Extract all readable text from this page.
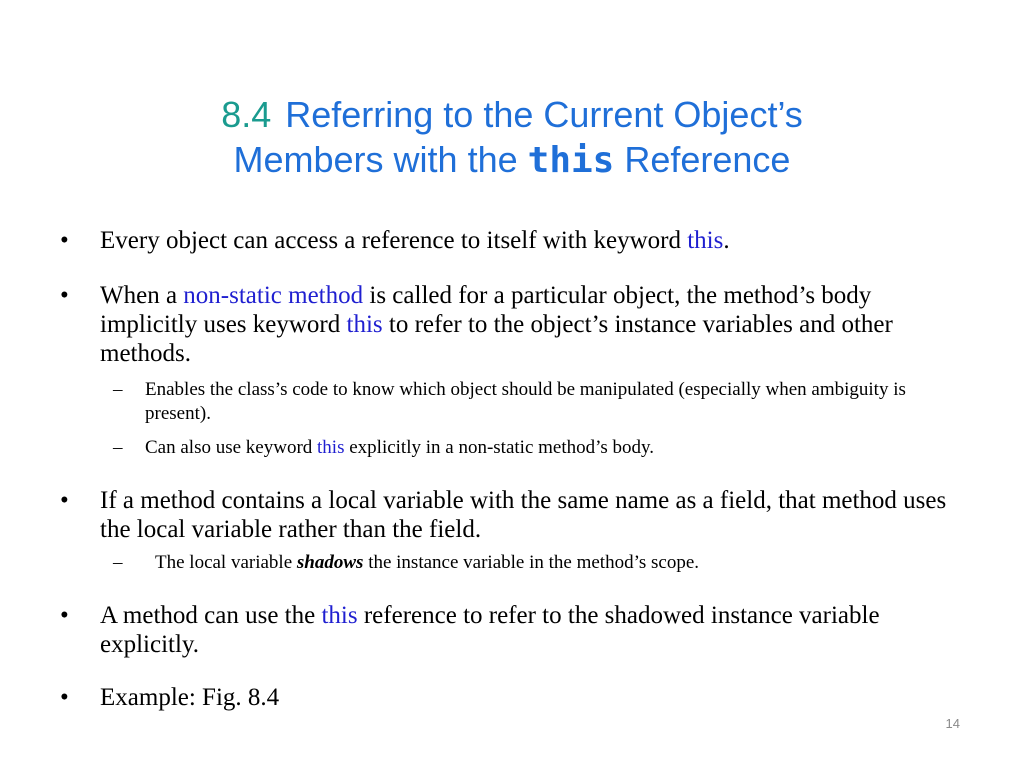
8.4 Referring to the Current Object’s
Members with the this Reference
• Every object can access a reference to itself with keyword this.
• When a non-static method is called for a particular object, the method’s body implicitly uses keyword this to refer to the object’s instance variables and other methods.
– Enables the class’s code to know which object should be manipulated (especially when ambiguity is present).
– Can also use keyword this explicitly in a non-static method’s body.
• If a method contains a local variable with the same name as a field, that method uses the local variable rather than the field.
– The local variable shadows the instance variable in the method’s scope.
• A method can use the this reference to refer to the shadowed instance variable explicitly.
• Example: Fig. 8.4
14
